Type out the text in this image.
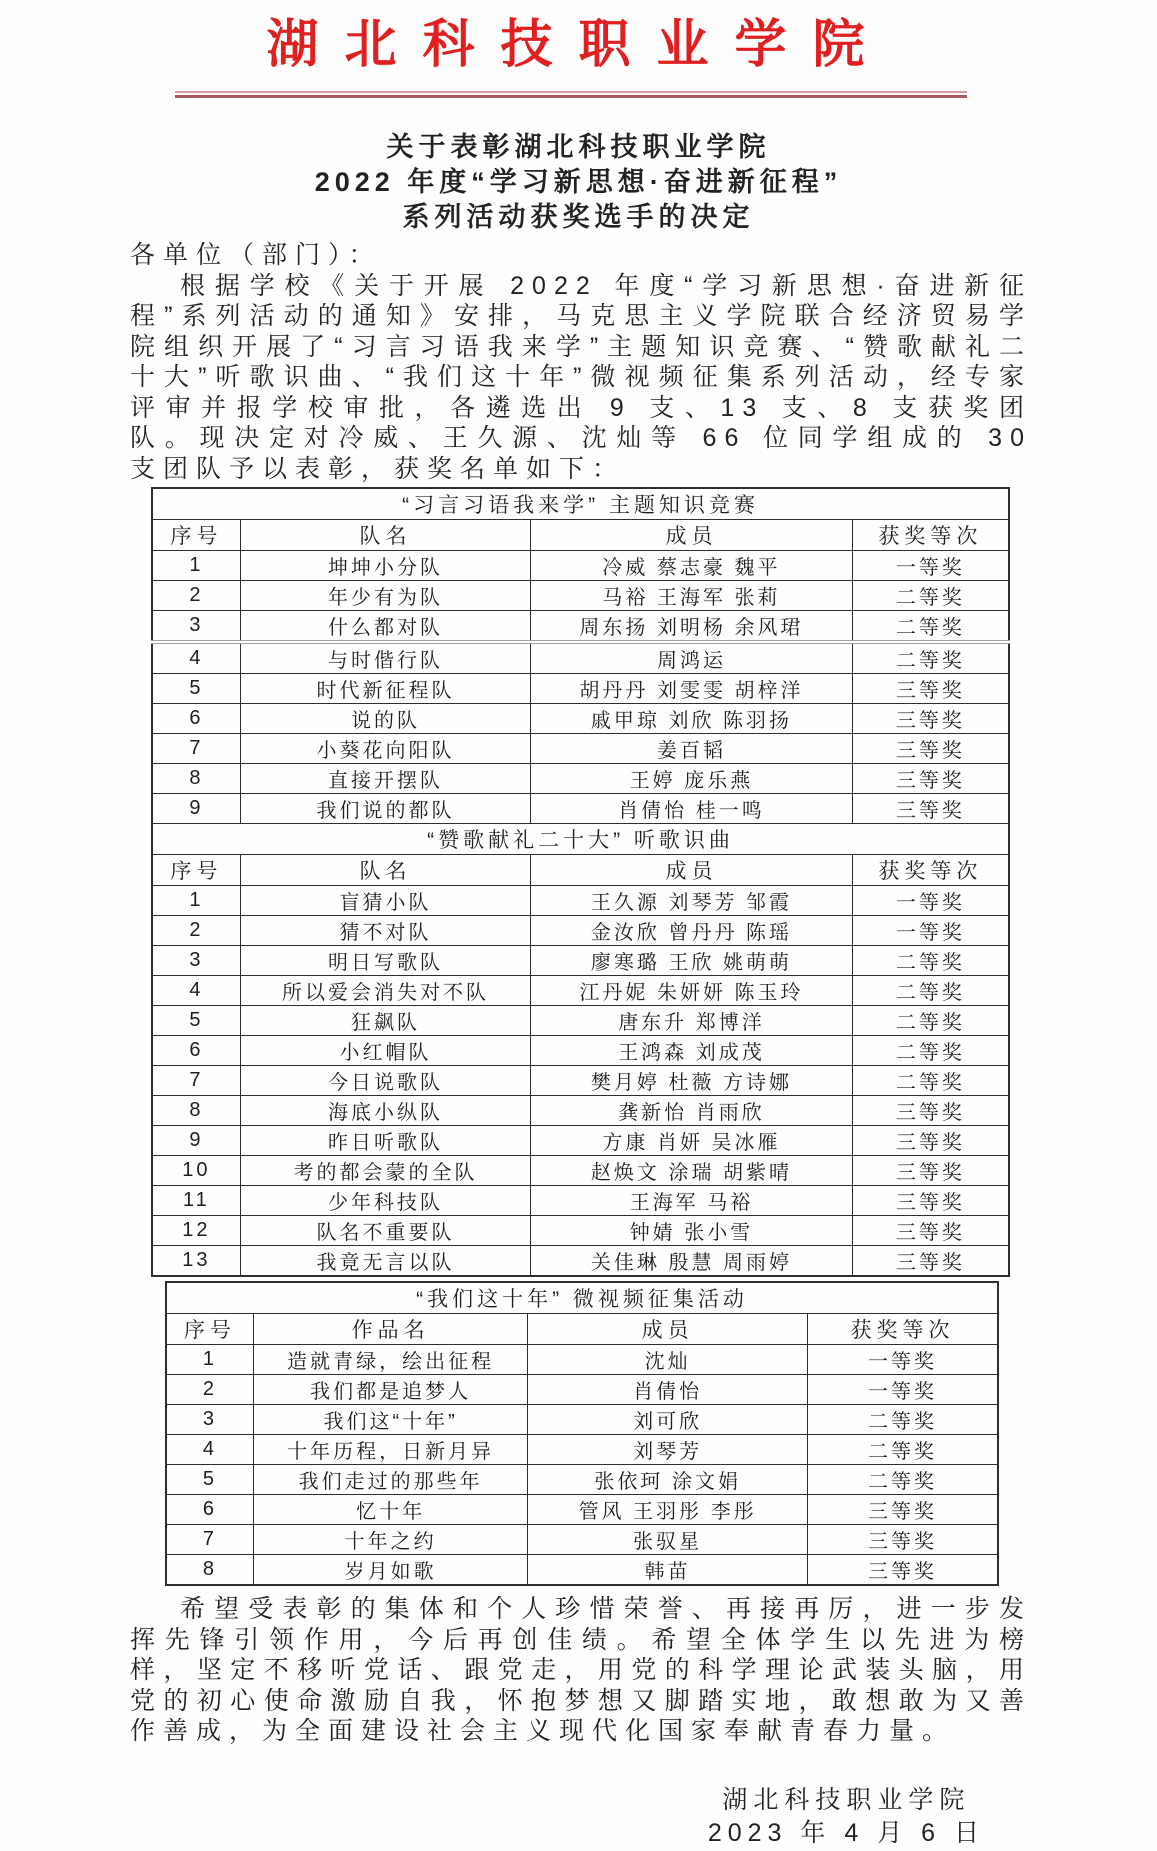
湖北科技职业学院
关于表彰湖北科技职业学院
2022 年度“学习新思想·奋进新征程”
系列活动获奖选手的决定
各单位（部门）：
根据学校《关于开展 2022 年度“学习新思想·奋进新征程”系列活动的通知》安排，马克思主义学院联合经济贸易学院组织开展了“习言习语我来学”主题知识竞赛、“赞歌献礼二十大”听歌识曲、“我们这十年”微视频征集系列活动，经专家评审并报学校审批，各遴选出 9 支、13 支、8 支获奖团队。现决定对冷威、王久源、沈灿等 66 位同学组成的 30 支团队予以表彰，获奖名单如下：
“习言习语我来学” 主题知识竞赛			
序号	队名	成员	获奖等次
1	坤坤小分队	冷威 蔡志豪 魏平	一等奖
2	年少有为队	马裕 王海军 张莉	二等奖
3	什么都对队	周东扬 刘明杨 余风珺	二等奖
4	与时偕行队	周鸿运	二等奖
5	时代新征程队	胡丹丹 刘雯雯 胡梓洋	三等奖
6	说的队	戚甲琼 刘欣 陈羽扬	三等奖
7	小葵花向阳队	姜百韬	三等奖
8	直接开摆队	王婷 庞乐燕	三等奖
9	我们说的都队	肖倩怡 桂一鸣	三等奖
“赞歌献礼二十大” 听歌识曲			
序号	队名	成员	获奖等次
1	盲猜小队	王久源 刘琴芳 邹霞	一等奖
2	猜不对队	金汝欣 曾丹丹 陈瑶	一等奖
3	明日写歌队	廖寒璐 王欣 姚萌萌	二等奖
4	所以爱会消失对不队	江丹妮 朱妍妍 陈玉玲	二等奖
5	狂飙队	唐东升 郑博洋	二等奖
6	小红帽队	王鸿森 刘成茂	二等奖
7	今日说歌队	樊月婷 杜薇 方诗娜	二等奖
8	海底小纵队	龚新怡 肖雨欣	三等奖
9	昨日听歌队	方康 肖妍 吴冰雁	三等奖
10	考的都会蒙的全队	赵焕文 涂瑞 胡紫晴	三等奖
11	少年科技队	王海军 马裕	三等奖
12	队名不重要队	钟婧 张小雪	三等奖
13	我竟无言以队	关佳琳 殷慧 周雨婷	三等奖
“我们这十年” 微视频征集活动			
序号	作品名	成员	获奖等次
1	造就青绿，绘出征程	沈灿	一等奖
2	我们都是追梦人	肖倩怡	一等奖
3	我们这“十年”	刘可欣	二等奖
4	十年历程，日新月异	刘琴芳	二等奖
5	我们走过的那些年	张依珂 涂文娟	二等奖
6	忆十年	管风 王羽彤 李彤	三等奖
7	十年之约	张驭星	三等奖
8	岁月如歌	韩苗	三等奖
希望受表彰的集体和个人珍惜荣誉、再接再厉，进一步发挥先锋引领作用，今后再创佳绩。希望全体学生以先进为榜样，坚定不移听党话、跟党走，用党的科学理论武装头脑，用党的初心使命激励自我，怀抱梦想又脚踏实地，敢想敢为又善作善成，为全面建设社会主义现代化国家奉献青春力量。
湖北科技职业学院
2023 年 4 月 6 日
